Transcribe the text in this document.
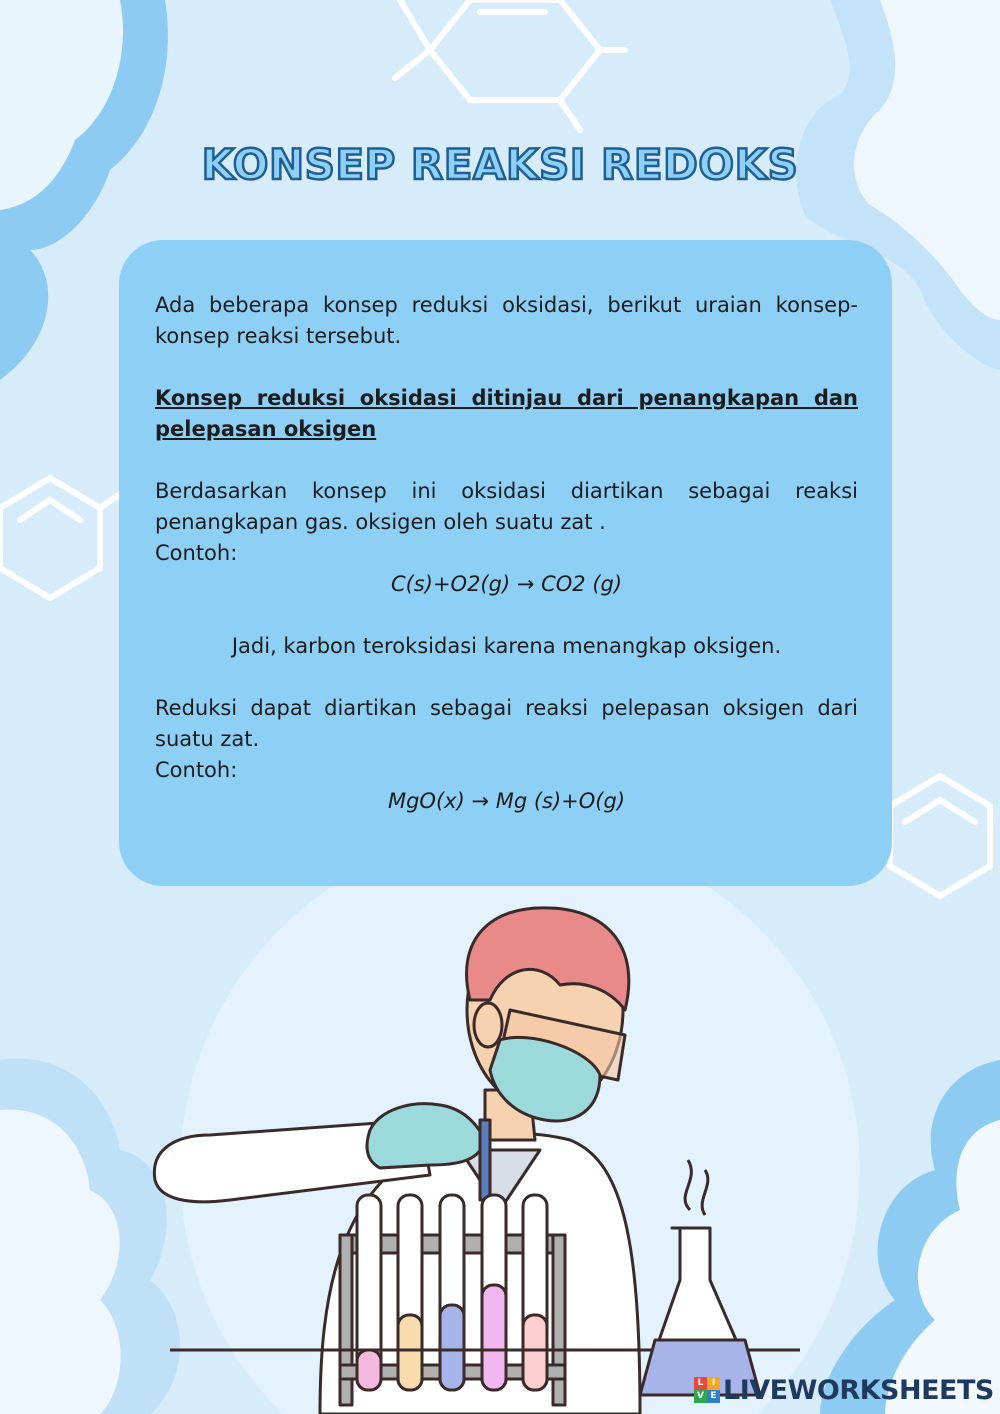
KONSEP REAKSI REDOKS

Ada beberapa konsep reduksi oksidasi, berikut uraian konsep-konsep reaksi tersebut.

Konsep reduksi oksidasi ditinjau dari penangkapan dan pelepasan oksigen

Berdasarkan konsep ini oksidasi diartikan sebagai reaksi penangkapan gas. oksigen oleh suatu zat .

Contoh:

C(s)+O2(g) → CO2 (g)

Jadi, karbon teroksidasi karena menangkap oksigen.

Reduksi dapat diartikan sebagai reaksi pelepasan oksigen dari suatu zat.

Contoh:

MgO(x) → Mg (s)+O(g)

L I
V E LIVEWORKSHEETS
